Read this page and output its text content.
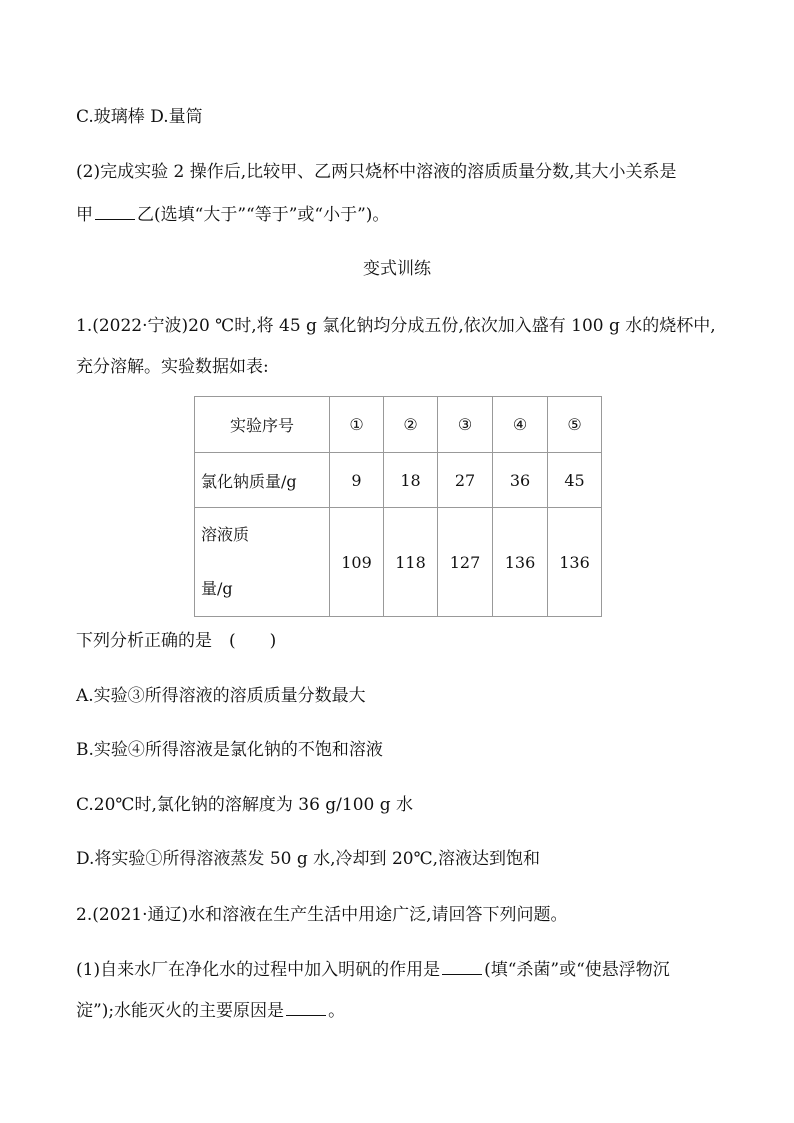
C.玻璃棒 D.量筒
(2)完成实验 2 操作后,比较甲、乙两只烧杯中溶液的溶质质量分数,其大小关系是
甲	乙(选填“大于”“等于”或“小于”)。
变式训练
1.(2022·宁波)20 ℃时,将 45 g 氯化钠均分成五份,依次加入盛有 100 g 水的烧杯中,
充分溶解。实验数据如表:
实验序号	①	②	③	④	⑤
氯化钠质量/g	9	18	27	36	45

溶液质
量/g	109	118	127	136	136
下列分析正确的是　(　　)
A.实验③所得溶液的溶质质量分数最大
B.实验④所得溶液是氯化钠的不饱和溶液
C.20℃时,氯化钠的溶解度为 36 g/100 g 水
D.将实验①所得溶液蒸发 50 g 水,冷却到 20℃,溶液达到饱和
2.(2021·通辽)水和溶液在生产生活中用途广泛,请回答下列问题。
(1)自来水厂在净化水的过程中加入明矾的作用是	(填“杀菌”或“使悬浮物沉
淀”);水能灭火的主要原因是	。
